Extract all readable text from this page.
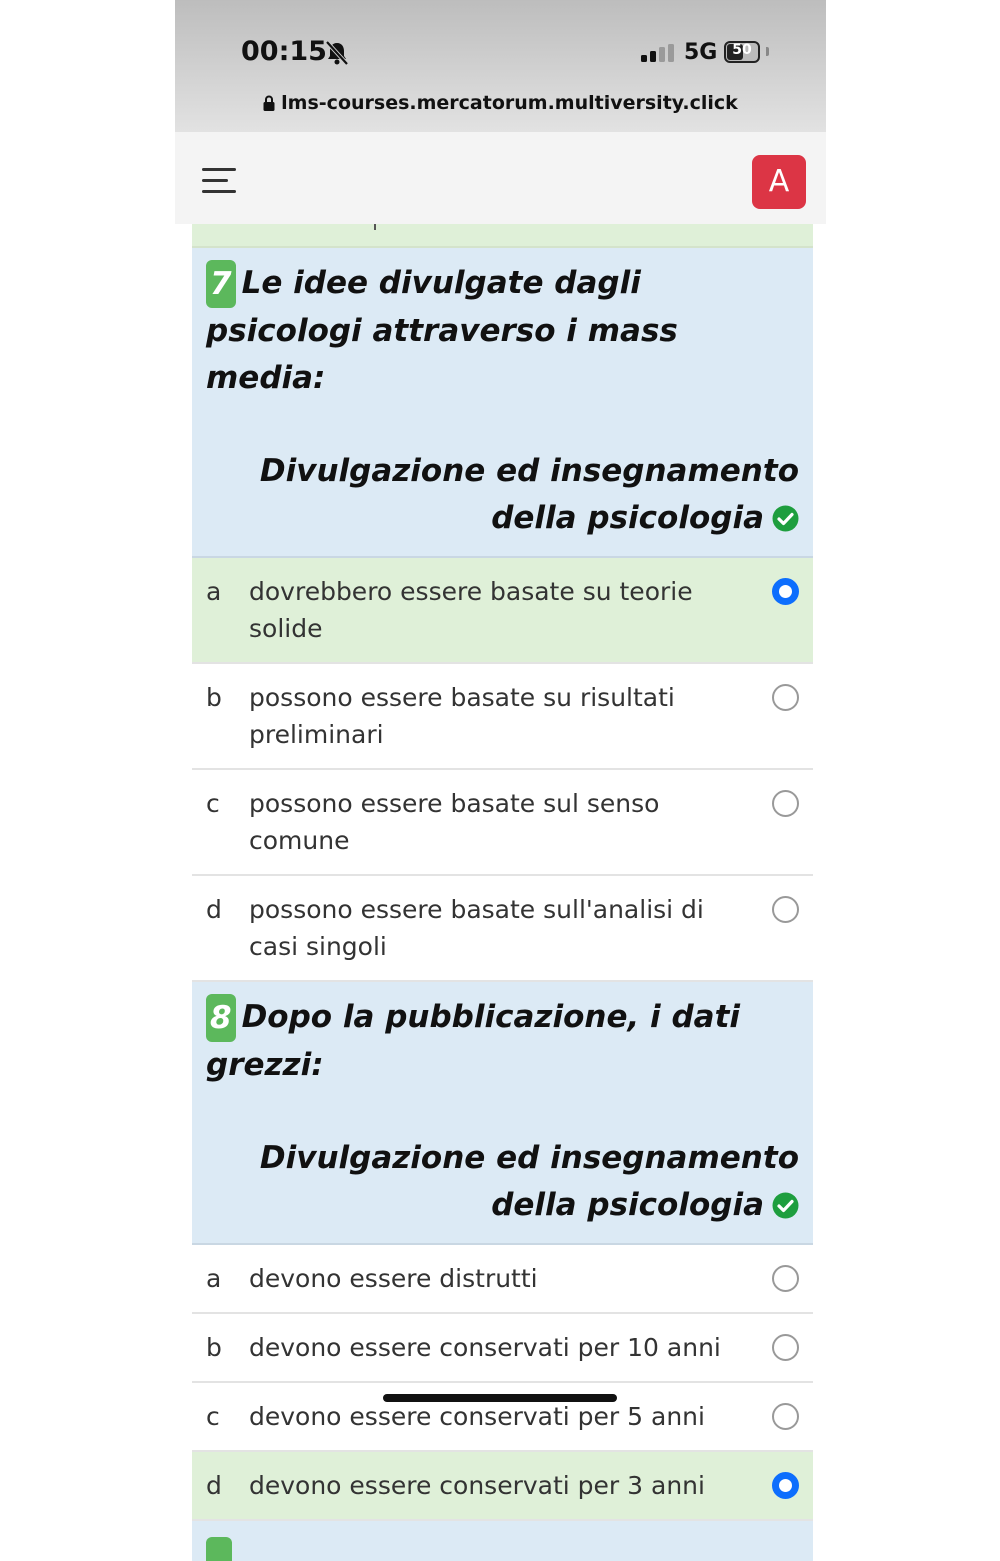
00:15	5G	50
lms-courses.mercatorum.multiversity.click
A
7 Le idee divulgate dagli psicologi attraverso i mass media:
Divulgazione ed insegnamento della psicologia
a	dovrebbero essere basate su teorie solide
b	possono essere basate su risultati preliminari
c	possono essere basate sul senso comune
d	possono essere basate sull'analisi di casi singoli
8 Dopo la pubblicazione, i dati grezzi:
Divulgazione ed insegnamento della psicologia
a	devono essere distrutti
b	devono essere conservati per 10 anni
c	devono essere conservati per 5 anni
d	devono essere conservati per 3 anni
